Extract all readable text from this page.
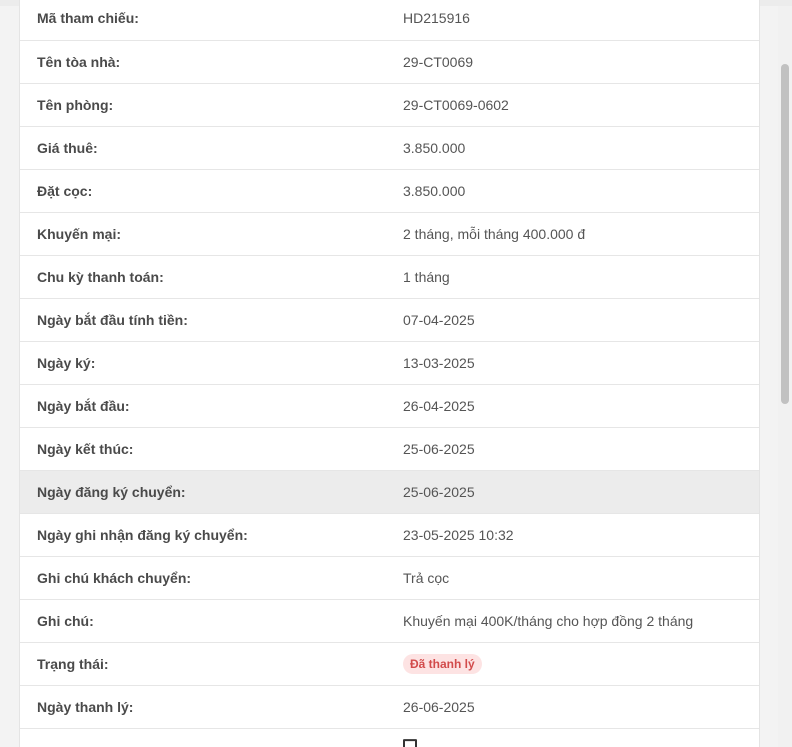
Mã tham chiếu:	HD215916
Tên tòa nhà:	29-CT0069
Tên phòng:	29-CT0069-0602
Giá thuê:	3.850.000
Đặt cọc:	3.850.000
Khuyến mại:	2 tháng, mỗi tháng 400.000 đ
Chu kỳ thanh toán:	1 tháng
Ngày bắt đầu tính tiền:	07-04-2025
Ngày ký:	13-03-2025
Ngày bắt đầu:	26-04-2025
Ngày kết thúc:	25-06-2025
Ngày đăng ký chuyển:	25-06-2025
Ngày ghi nhận đăng ký chuyển:	23-05-2025 10:32
Ghi chú khách chuyển:	Trả cọc
Ghi chú:	Khuyến mại 400K/tháng cho hợp đồng 2 tháng
Trạng thái:	Đã thanh lý
Ngày thanh lý:	26-06-2025
